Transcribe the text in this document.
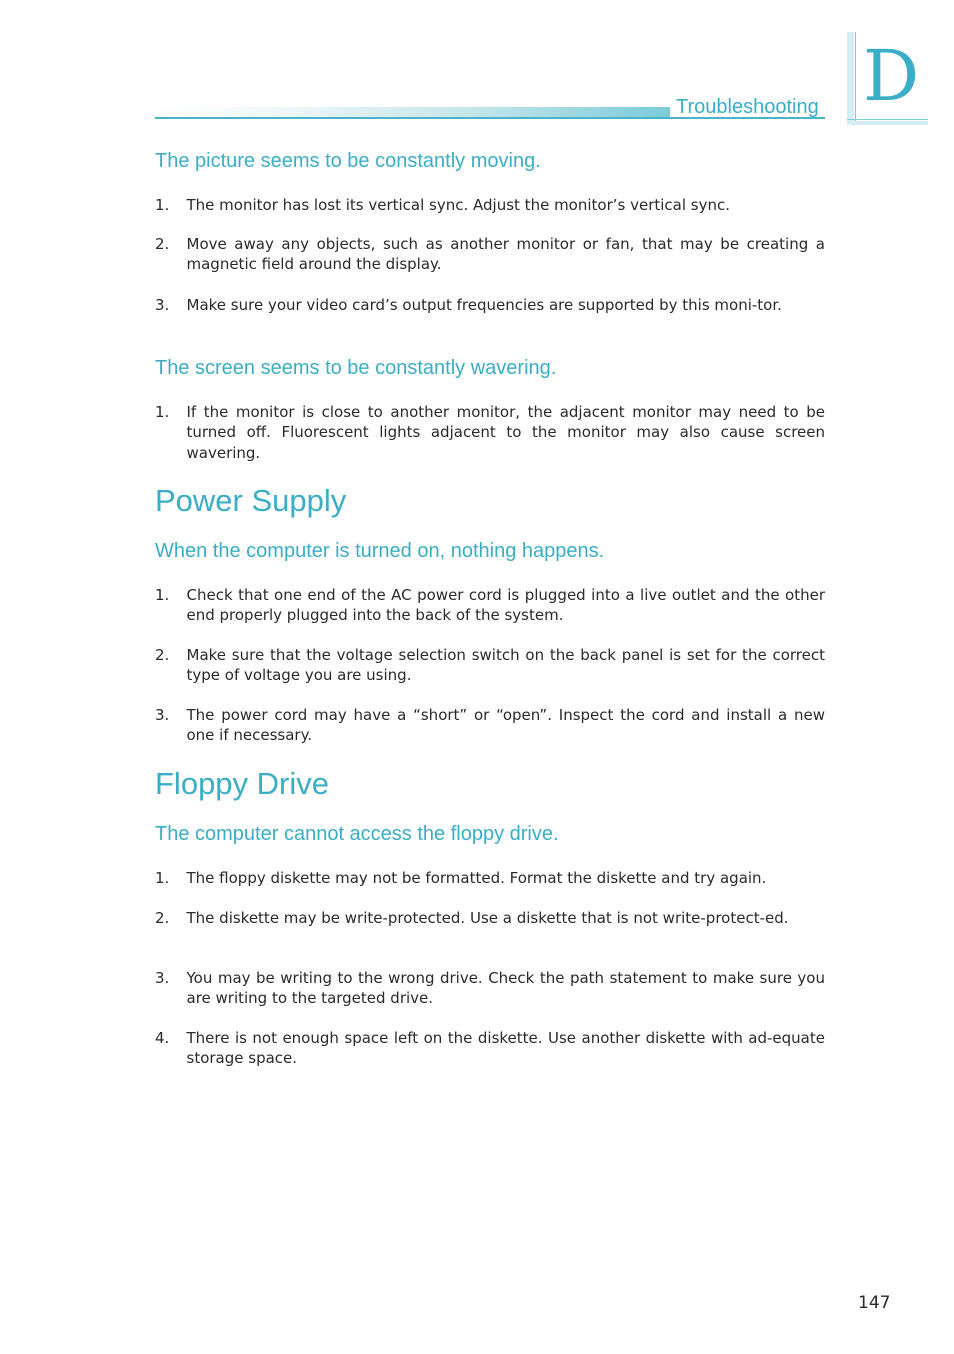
Troubleshooting D
The picture seems to be constantly moving.
1. The monitor has lost its vertical sync. Adjust the monitor’s vertical sync.
2. Move away any objects, such as another monitor or fan, that may be creating a magnetic field around the display.
3. Make sure your video card’s output frequencies are supported by this moni-tor.
The screen seems to be constantly wavering.
1. If the monitor is close to another monitor, the adjacent monitor may need to be turned off. Fluorescent lights adjacent to the monitor may also cause screen wavering.
Power Supply
When the computer is turned on, nothing happens.
1. Check that one end of the AC power cord is plugged into a live outlet and the other end properly plugged into the back of the system.
2. Make sure that the voltage selection switch on the back panel is set for the correct type of voltage you are using.
3. The power cord may have a “short” or “open”. Inspect the cord and install a new one if necessary.
Floppy Drive
The computer cannot access the floppy drive.
1. The floppy diskette may not be formatted. Format the diskette and try again.
2. The diskette may be write-protected. Use a diskette that is not write-protect-ed.
3. You may be writing to the wrong drive. Check the path statement to make sure you are writing to the targeted drive.
4. There is not enough space left on the diskette. Use another diskette with ad-equate storage space.
147
